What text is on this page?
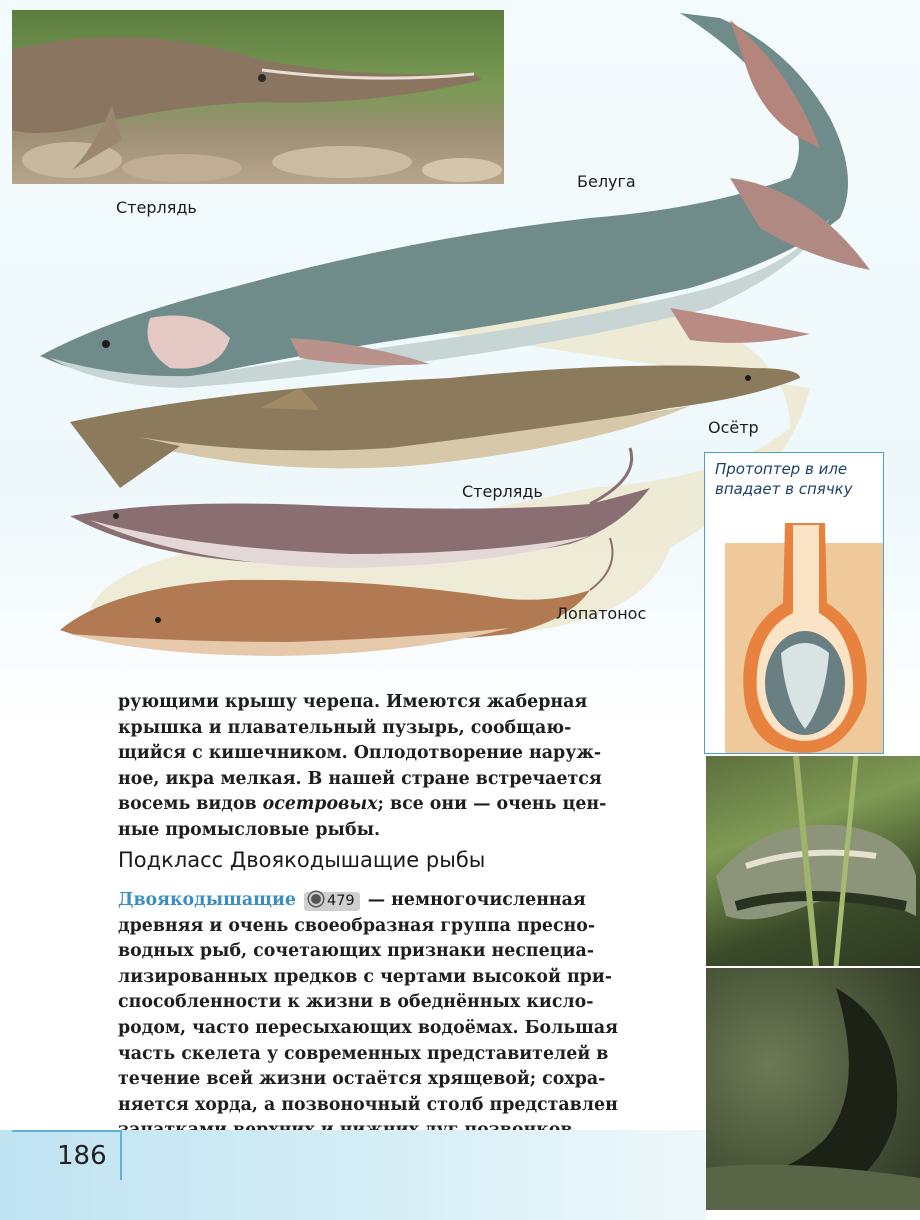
Стерлядь
Белуга
Осётр
Стерлядь
Лопатонос
Протоптер в иле
впадает в спячку

рующими крышу черепа. Имеются жаберная

крышка и плавательный пузырь, сообщаю-

щийся с кишечником. Оплодотворение наруж-

ное, икра мелкая. В нашей стране встречается

восемь видов осетровых; все они — очень цен-

ные промысловые рыбы.

Подкласс Двоякодышащие рыбы

Двоякодышащие 479 — немногочисленная

древняя и очень своеобразная группа пресно-

водных рыб, сочетающих признаки неспециа-

лизированных предков с чертами высокой при-

способленности к жизни в обеднённых кисло-

родом, часто пересыхающих водоёмах. Большая

часть скелета у современных представителей в

течение всей жизни остаётся хрящевой; сохра-

няется хорда, а позвоночный столб представлен

186
